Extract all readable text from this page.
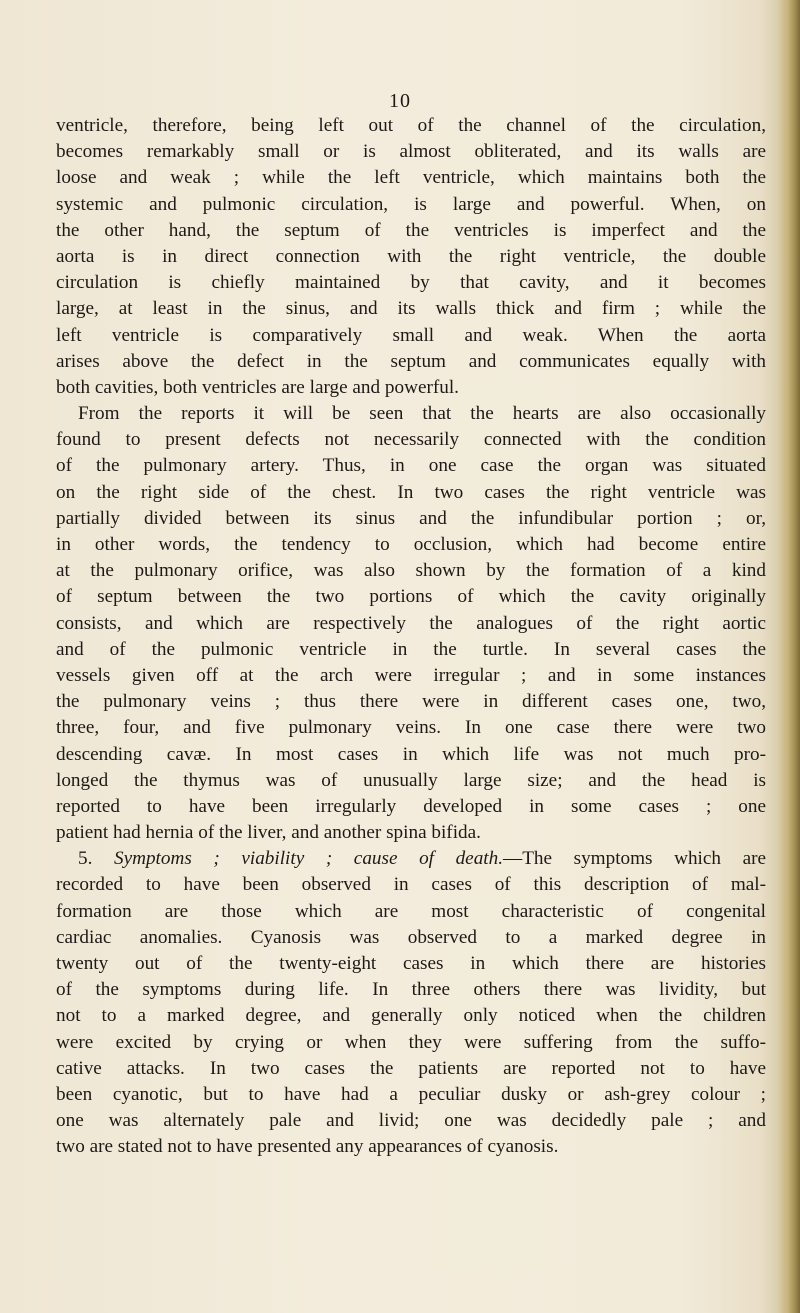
10
ventricle, therefore, being left out of the channel of the circulation,
becomes remarkably small or is almost obliterated, and its walls are
loose and weak ; while the left ventricle, which maintains both the
systemic and pulmonic circulation, is large and powerful. When, on
the other hand, the septum of the ventricles is imperfect and the
aorta is in direct connection with the right ventricle, the double
circulation is chiefly maintained by that cavity, and it becomes
large, at least in the sinus, and its walls thick and firm ; while the
left ventricle is comparatively small and weak. When the aorta
arises above the defect in the septum and communicates equally with
both cavities, both ventricles are large and powerful.
From the reports it will be seen that the hearts are also occasionally
found to present defects not necessarily connected with the condition
of the pulmonary artery. Thus, in one case the organ was situated
on the right side of the chest. In two cases the right ventricle was
partially divided between its sinus and the infundibular portion ; or,
in other words, the tendency to occlusion, which had become entire
at the pulmonary orifice, was also shown by the formation of a kind
of septum between the two portions of which the cavity originally
consists, and which are respectively the analogues of the right aortic
and of the pulmonic ventricle in the turtle. In several cases the
vessels given off at the arch were irregular ; and in some instances
the pulmonary veins ; thus there were in different cases one, two,
three, four, and five pulmonary veins. In one case there were two
descending cavæ. In most cases in which life was not much pro-
longed the thymus was of unusually large size; and the head is
reported to have been irregularly developed in some cases ; one
patient had hernia of the liver, and another spina bifida.
5. Symptoms ; viability ; cause of death.—The symptoms which are
recorded to have been observed in cases of this description of mal-
formation are those which are most characteristic of congenital
cardiac anomalies. Cyanosis was observed to a marked degree in
twenty out of the twenty-eight cases in which there are histories
of the symptoms during life. In three others there was lividity, but
not to a marked degree, and generally only noticed when the children
were excited by crying or when they were suffering from the suffo-
cative attacks. In two cases the patients are reported not to have
been cyanotic, but to have had a peculiar dusky or ash-grey colour ;
one was alternately pale and livid; one was decidedly pale ; and
two are stated not to have presented any appearances of cyanosis.
